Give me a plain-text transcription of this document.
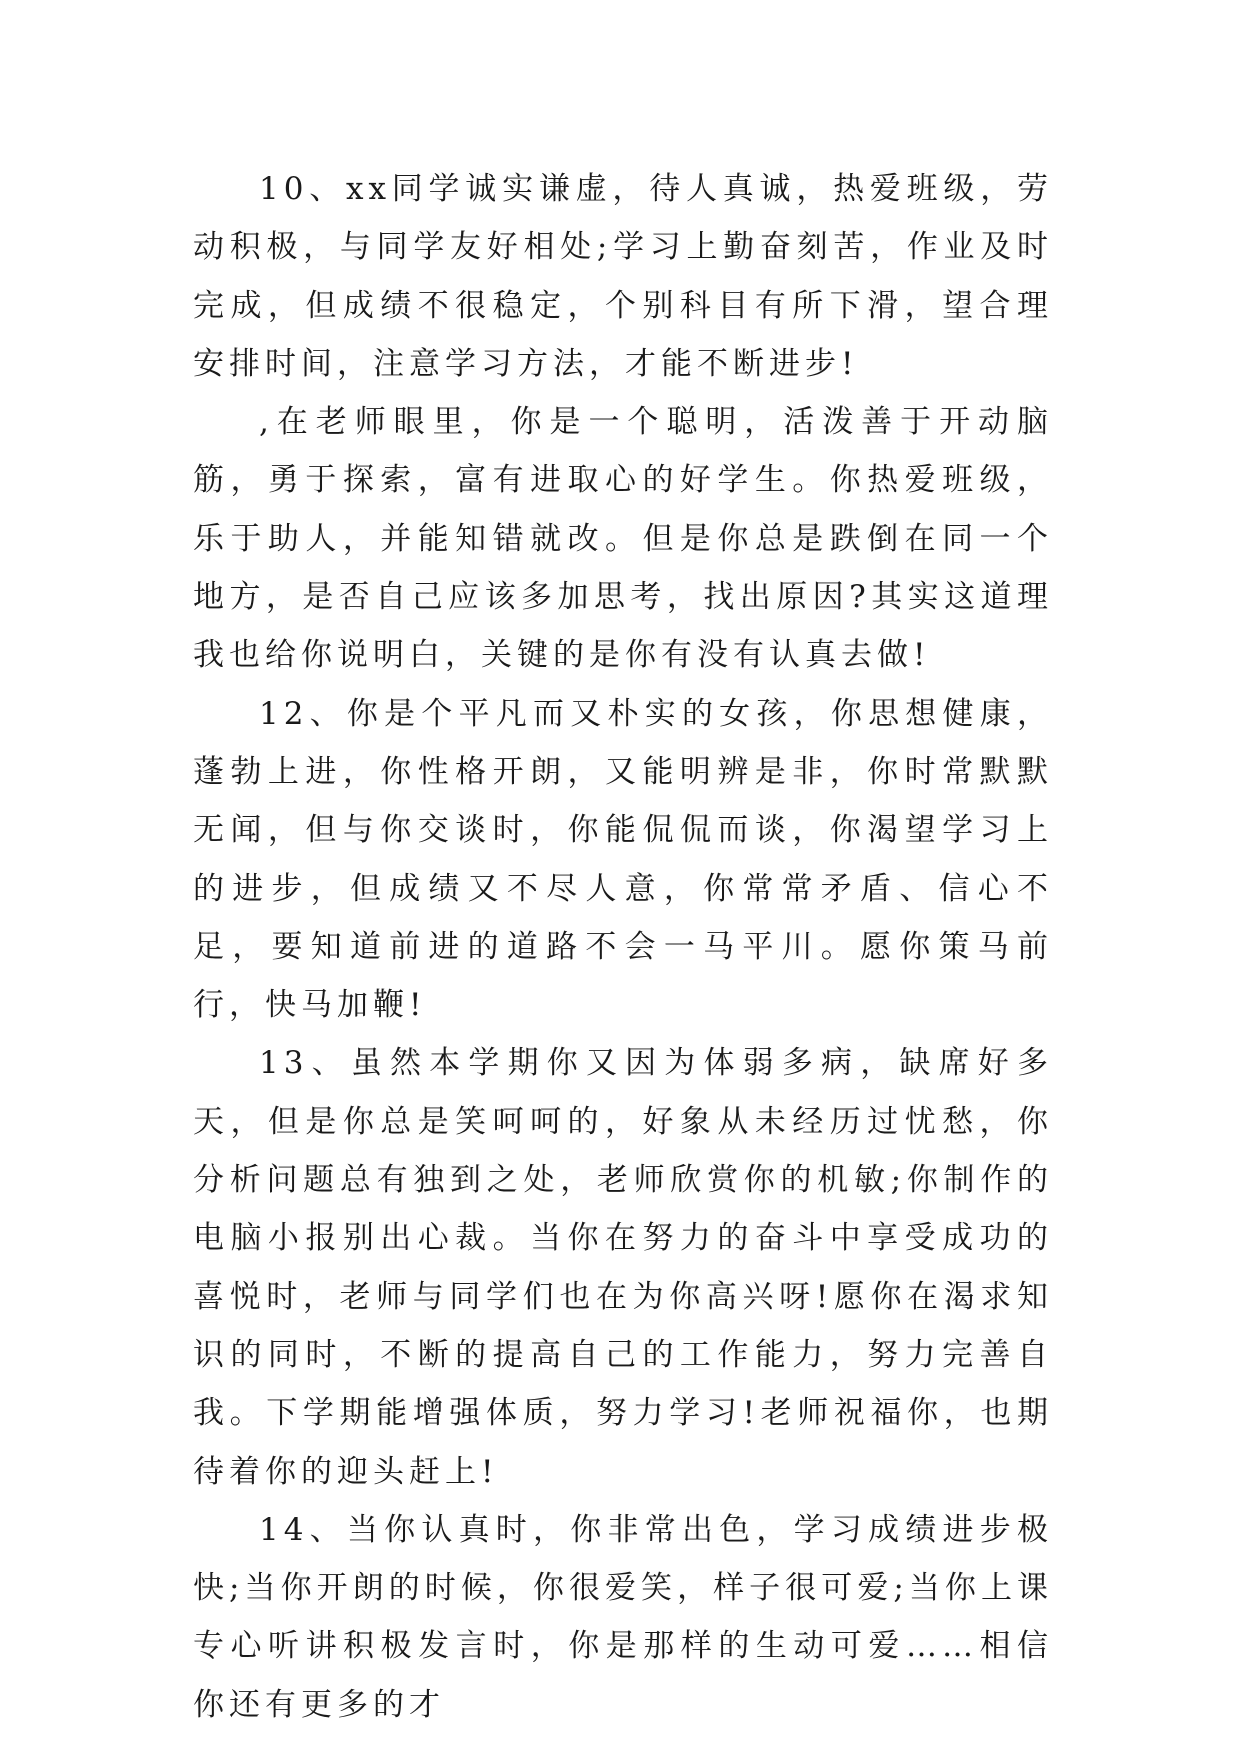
10、xx同学诚实谦虚，待人真诚，热爱班级，劳动积极，与同学友好相处;学习上勤奋刻苦，作业及时完成，但成绩不很稳定，个别科目有所下滑，望合理安排时间，注意学习方法，才能不断进步!

,在老师眼里，你是一个聪明，活泼善于开动脑筋，勇于探索，富有进取心的好学生。你热爱班级，乐于助人，并能知错就改。但是你总是跌倒在同一个地方，是否自己应该多加思考，找出原因?其实这道理我也给你说明白，关键的是你有没有认真去做!

12、你是个平凡而又朴实的女孩，你思想健康，蓬勃上进，你性格开朗，又能明辨是非，你时常默默无闻，但与你交谈时，你能侃侃而谈，你渴望学习上的进步，但成绩又不尽人意，你常常矛盾、信心不足，要知道前进的道路不会一马平川。愿你策马前行，快马加鞭!

13、虽然本学期你又因为体弱多病，缺席好多天，但是你总是笑呵呵的，好象从未经历过忧愁，你分析问题总有独到之处，老师欣赏你的机敏;你制作的电脑小报别出心裁。当你在努力的奋斗中享受成功的喜悦时，老师与同学们也在为你高兴呀!愿你在渴求知识的同时，不断的提高自己的工作能力，努力完善自我。下学期能增强体质，努力学习!老师祝福你，也期待着你的迎头赶上!

14、当你认真时，你非常出色，学习成绩进步极快;当你开朗的时候，你很爱笑，样子很可爱;当你上课专心听讲积极发言时，你是那样的生动可爱……相信你还有更多的才
